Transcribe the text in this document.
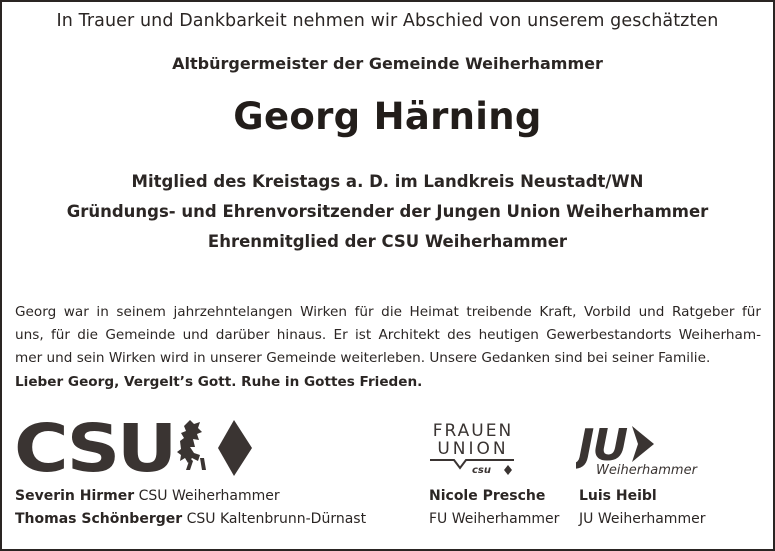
In Trauer und Dankbarkeit nehmen wir Abschied von unserem geschätzten
Altbürgermeister der Gemeinde Weiherhammer
Georg Härning
Mitglied des Kreistags a. D. im Landkreis Neustadt/WN
Gründungs- und Ehrenvorsitzender der Jungen Union Weiherhammer
Ehrenmitglied der CSU Weiherhammer
Georg war in seinem jahrzehntelangen Wirken für die Heimat treibende Kraft, Vorbild und Ratgeber für
uns, für die Gemeinde und darüber hinaus. Er ist Architekt des heutigen Gewerbestandorts Weiherham-
mer und sein Wirken wird in unserer Gemeinde weiterleben. Unsere Gedanken sind bei seiner Familie.
Lieber Georg, Vergelt’s Gott. Ruhe in Gottes Frieden.
CSU	FRAUEN
UNION
csu JU
Weiherhammer
Severin Hirmer CSU Weiherhammer
Thomas Schönberger CSU Kaltenbrunn-Dürnast
Nicole Presche
FU Weiherhammer
Luis Heibl
JU Weiherhammer
